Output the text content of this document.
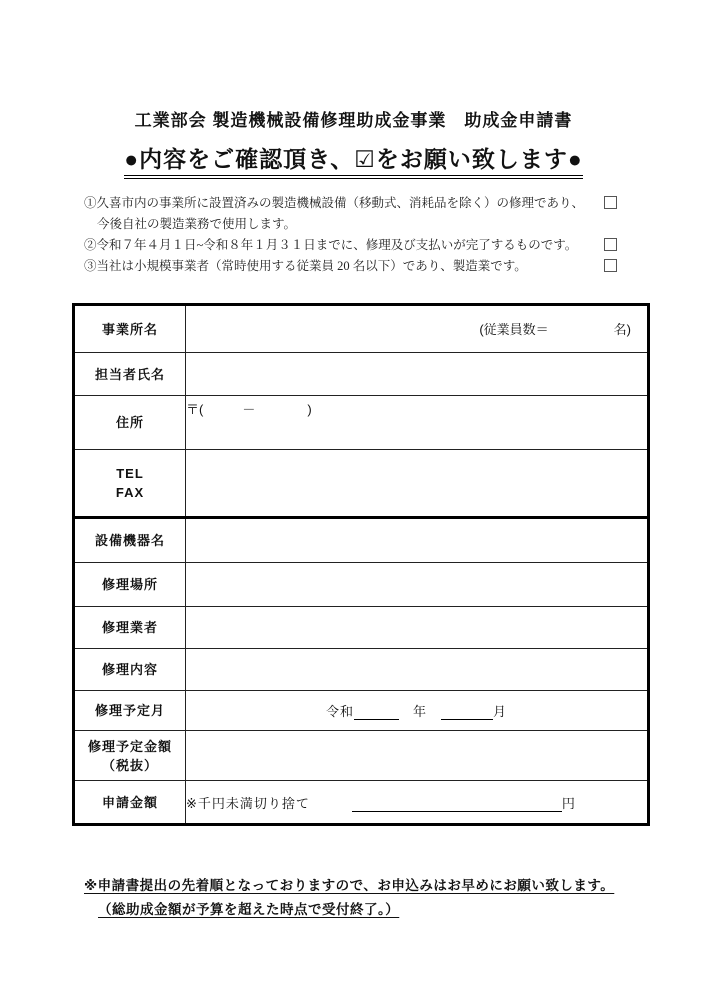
工業部会 製造機械設備修理助成金事業　助成金申請書
●内容をご確認頂き、☑をお願い致します●
①久喜市内の事業所に設置済みの製造機械設備（移動式、消耗品を除く）の修理であり、
今後自社の製造業務で使用します。
②令和７年４月１日~令和８年１月３１日までに、修理及び支払いが完了するものです。
③当社は小規模事業者（常時使用する従業員 20 名以下）であり、製造業です。
事業所名	(従業員数＝　　　　　名)

担当者氏名	
住所	〒(　　　－　　　　)

TEL
FAX	

設備機器名	
修理場所	
修理業者	
修理内容	
修理予定月	令和　 年　 月

修理予定金額
（税抜）	

申請金額	※千円未満切り捨て 円
※申請書提出の先着順となっておりますので、お申込みはお早めにお願い致します。
（総助成金額が予算を超えた時点で受付終了。）
